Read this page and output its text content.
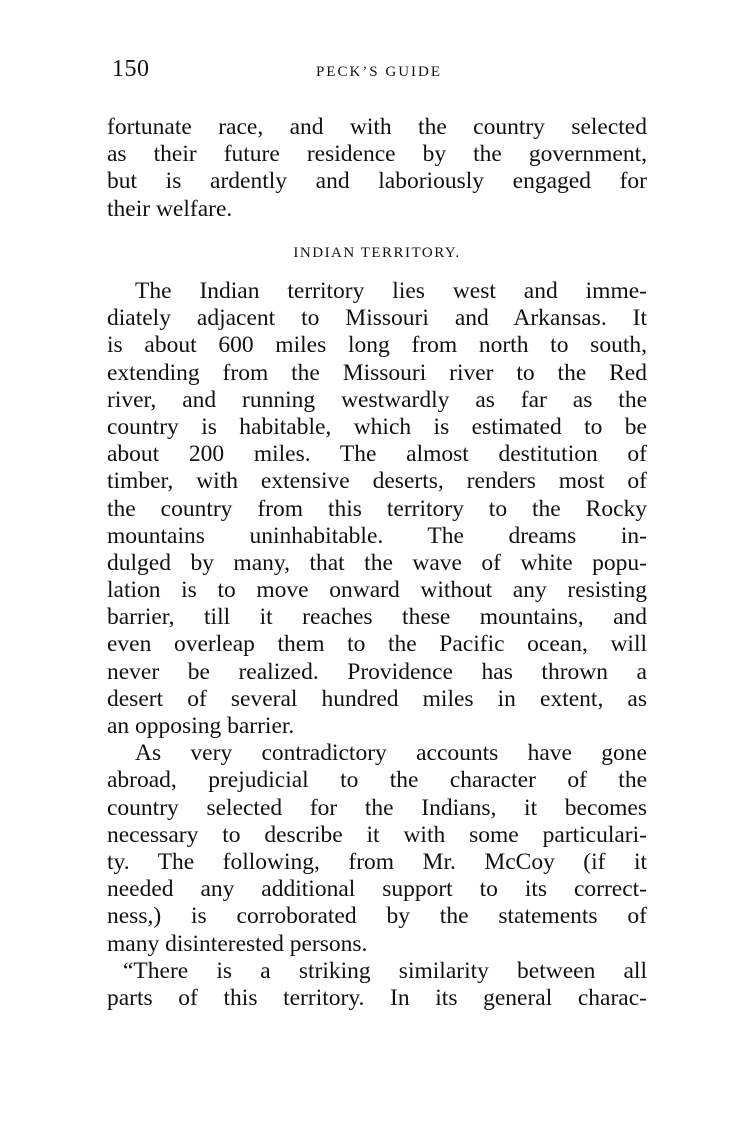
150	PECK’S GUIDE
fortunate race, and with the country selected
as their future residence by the government,
but is ardently and laboriously engaged for
their welfare.
INDIAN TERRITORY.
The Indian territory lies west and imme-
diately adjacent to Missouri and Arkansas. It
is about 600 miles long from north to south,
extending from the Missouri river to the Red
river, and running westwardly as far as the
country is habitable, which is estimated to be
about 200 miles. The almost destitution of
timber, with extensive deserts, renders most of
the country from this territory to the Rocky
mountains uninhabitable. The dreams in-
dulged by many, that the wave of white popu-
lation is to move onward without any resisting
barrier, till it reaches these mountains, and
even overleap them to the Pacific ocean, will
never be realized. Providence has thrown a
desert of several hundred miles in extent, as
an opposing barrier.
As very contradictory accounts have gone
abroad, prejudicial to the character of the
country selected for the Indians, it becomes
necessary to describe it with some particulari-
ty. The following, from Mr. McCoy (if it
needed any additional support to its correct-
ness,) is corroborated by the statements of
many disinterested persons.
“There is a striking similarity between all
parts of this territory. In its general charac-
